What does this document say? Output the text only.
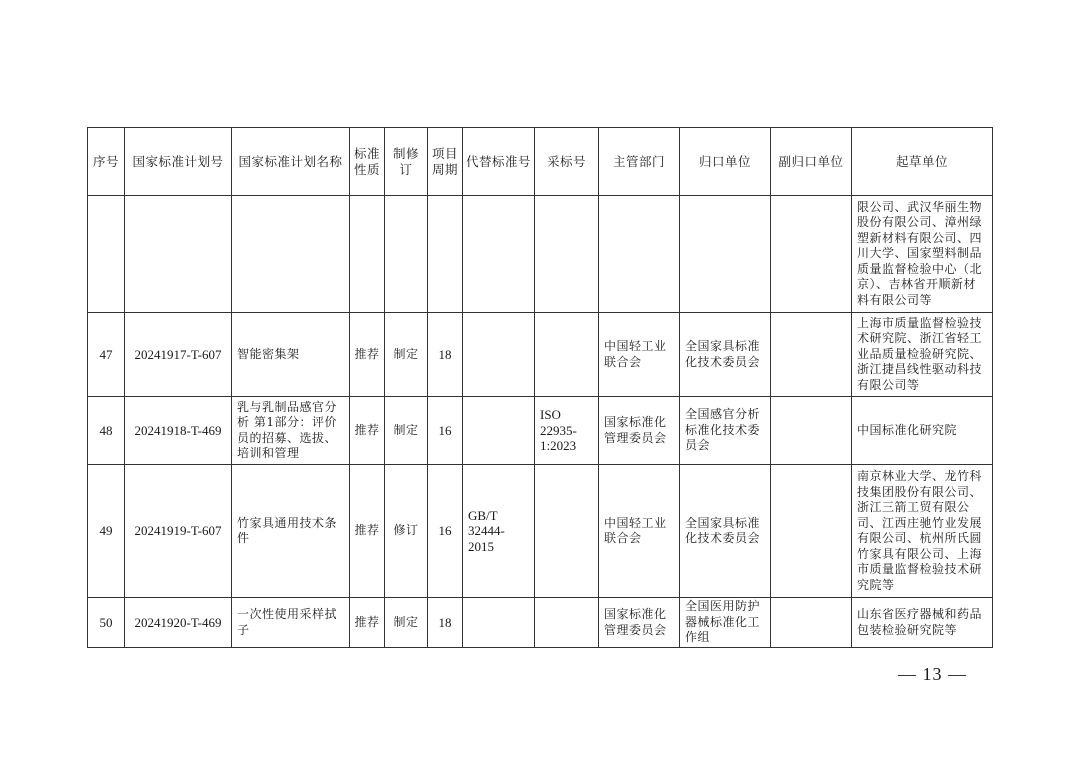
序号	国家标准计划号	国家标准计划名称	标准性质	制修订	项目周期	代替标准号	采标号	主管部门	归口单位	副归口单位	起草单位
											限公司、武汉华丽生物股份有限公司、漳州绿塑新材料有限公司、四川大学、国家塑料制品质量监督检验中心（北京）、吉林省开顺新材料有限公司等
47	20241917-T-607	智能密集架	推荐	制定	18			中国轻工业联合会	全国家具标准化技术委员会		上海市质量监督检验技术研究院、浙江省轻工业品质量检验研究院、浙江捷昌线性驱动科技有限公司等
48	20241918-T-469	乳与乳制品感官分析 第1部分：评价员的招募、选拔、培训和管理	推荐	制定	16		ISO 22935-1:2023	国家标准化管理委员会	全国感官分析标准化技术委员会		中国标准化研究院
49	20241919-T-607	竹家具通用技术条件	推荐	修订	16	GB/T 32444-2015		中国轻工业联合会	全国家具标准化技术委员会		南京林业大学、龙竹科技集团股份有限公司、浙江三箭工贸有限公司、江西庄驰竹业发展有限公司、杭州所氏圆竹家具有限公司、上海市质量监督检验技术研究院等
50	20241920-T-469	一次性使用采样拭子	推荐	制定	18			国家标准化管理委员会	全国医用防护器械标准化工作组		山东省医疗器械和药品包装检验研究院等
— 13 —
